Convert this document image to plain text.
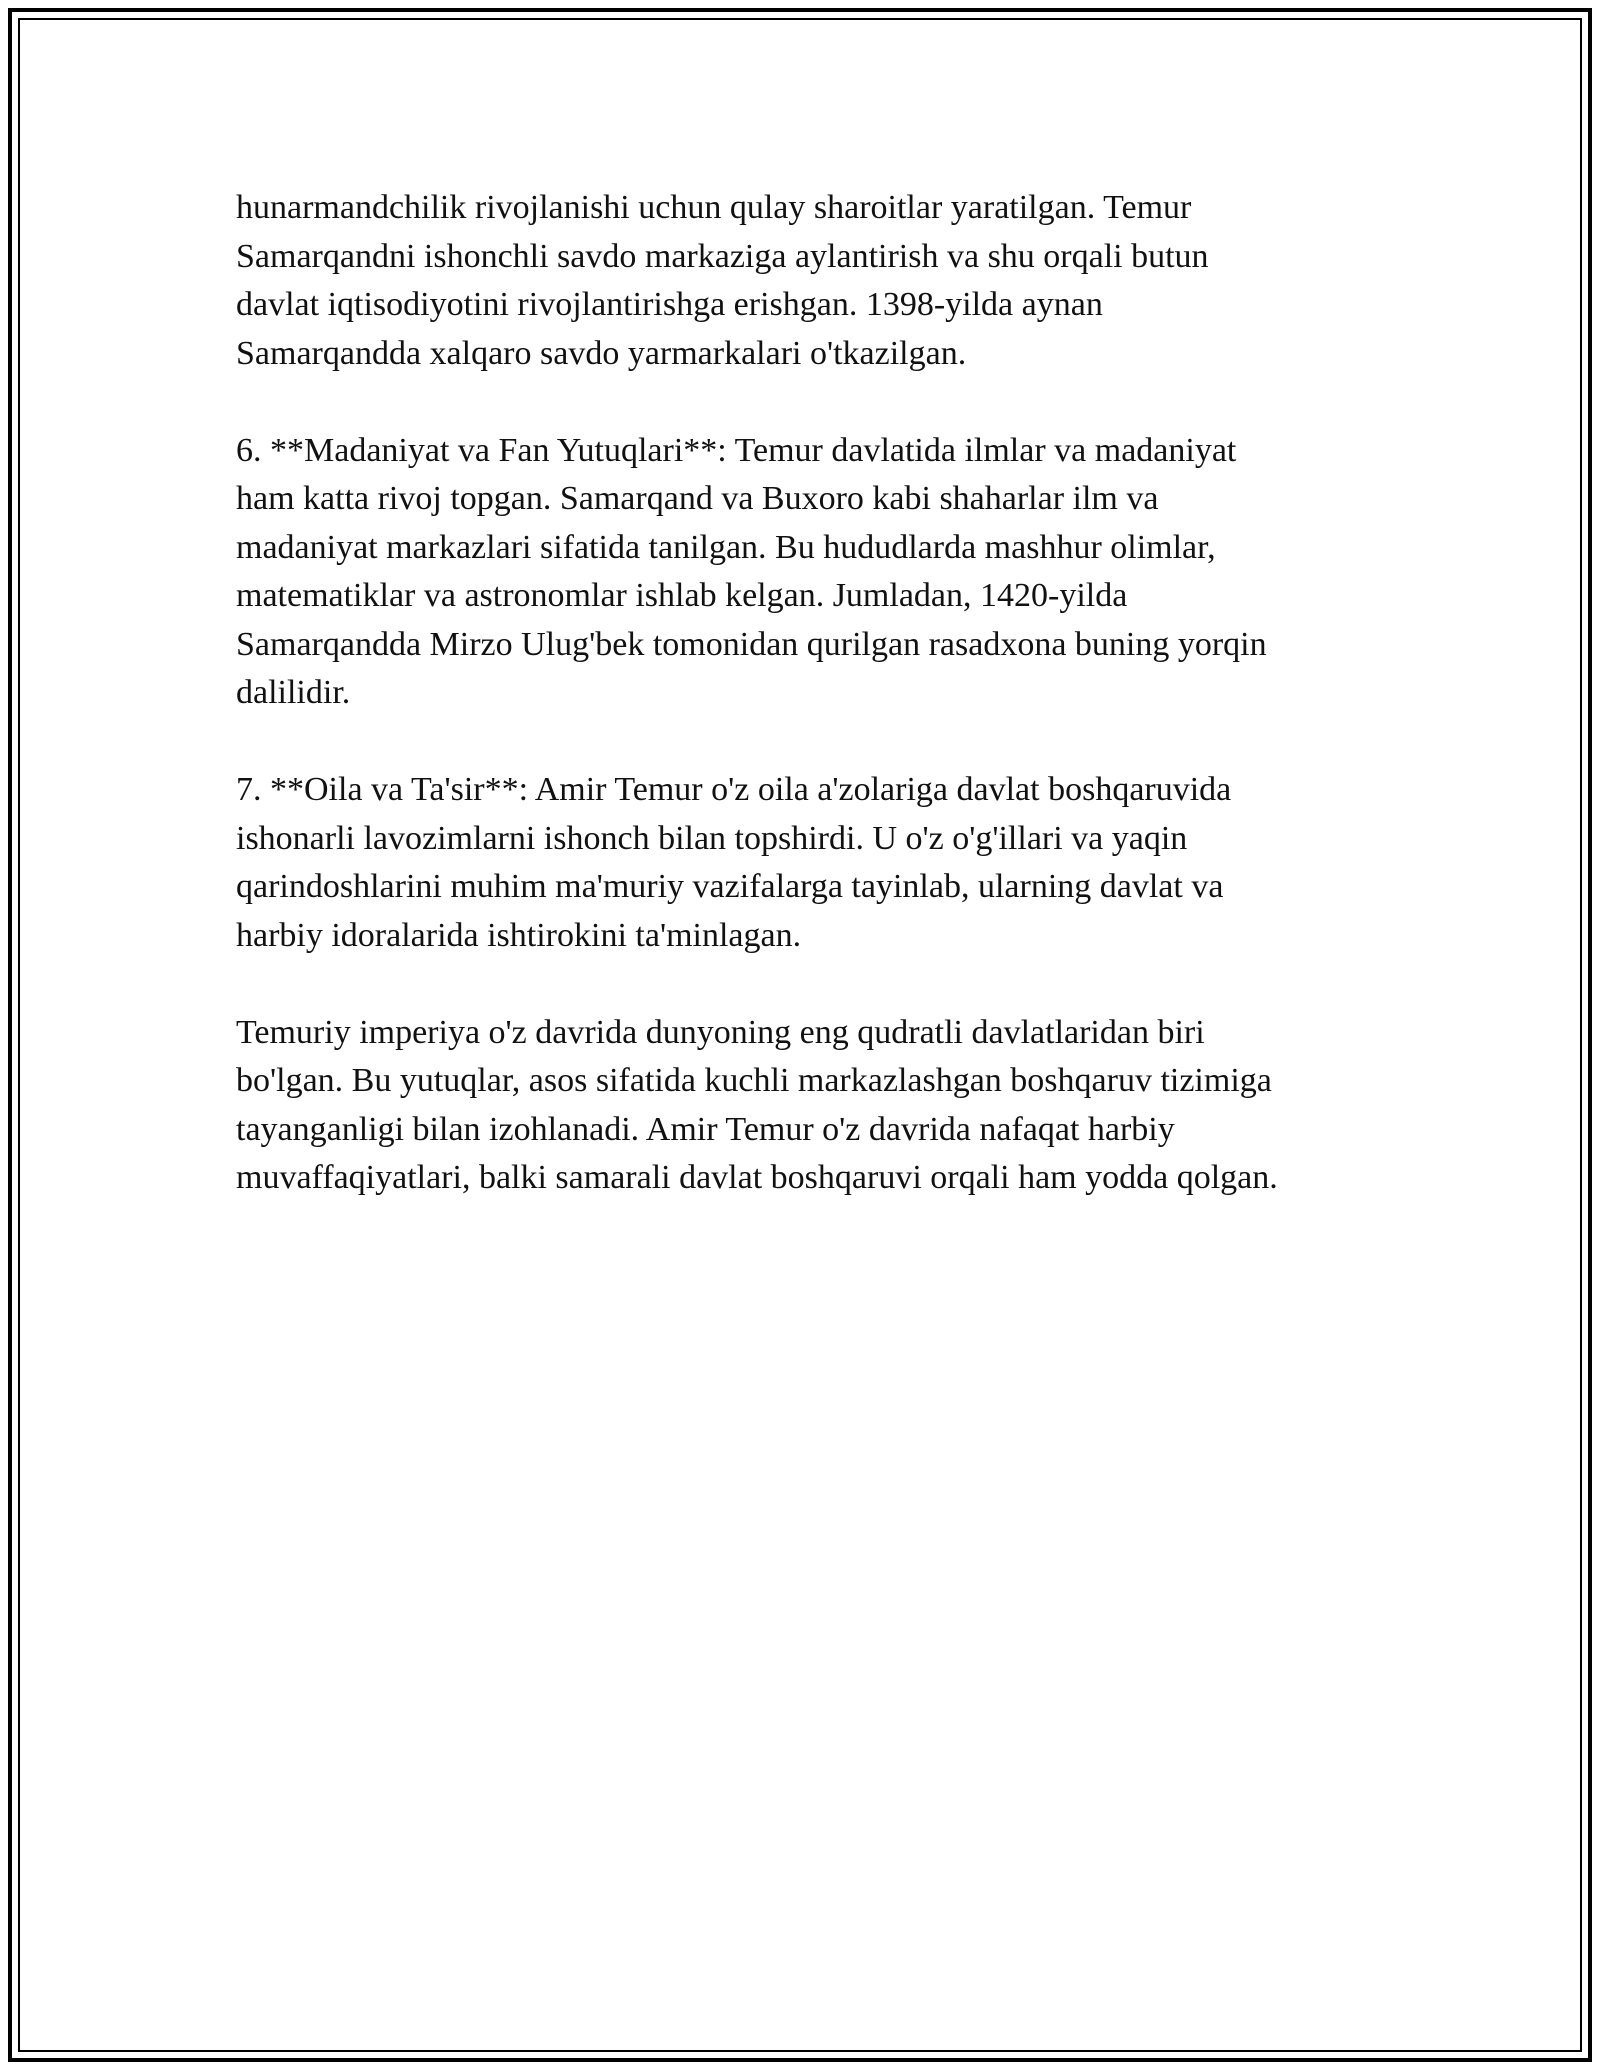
hunarmandchilik rivojlanishi uchun qulay sharoitlar yaratilgan. Temur
Samarqandni ishonchli savdo markaziga aylantirish va shu orqali butun
davlat iqtisodiyotini rivojlantirishga erishgan. 1398-yilda aynan
Samarqandda xalqaro savdo yarmarkalari o'tkazilgan.

6. **Madaniyat va Fan Yutuqlari**: Temur davlatida ilmlar va madaniyat
ham katta rivoj topgan. Samarqand va Buxoro kabi shaharlar ilm va
madaniyat markazlari sifatida tanilgan. Bu hududlarda mashhur olimlar,
matematiklar va astronomlar ishlab kelgan. Jumladan, 1420-yilda
Samarqandda Mirzo Ulug'bek tomonidan qurilgan rasadxona buning yorqin
dalilidir.

7. **Oila va Ta'sir**: Amir Temur o'z oila a'zolariga davlat boshqaruvida
ishonarli lavozimlarni ishonch bilan topshirdi. U o'z o'g'illari va yaqin
qarindoshlarini muhim ma'muriy vazifalarga tayinlab, ularning davlat va
harbiy idoralarida ishtirokini ta'minlagan.

Temuriy imperiya o'z davrida dunyoning eng qudratli davlatlaridan biri
bo'lgan. Bu yutuqlar, asos sifatida kuchli markazlashgan boshqaruv tizimiga
tayanganligi bilan izohlanadi. Amir Temur o'z davrida nafaqat harbiy
muvaffaqiyatlari, balki samarali davlat boshqaruvi orqali ham yodda qolgan.
